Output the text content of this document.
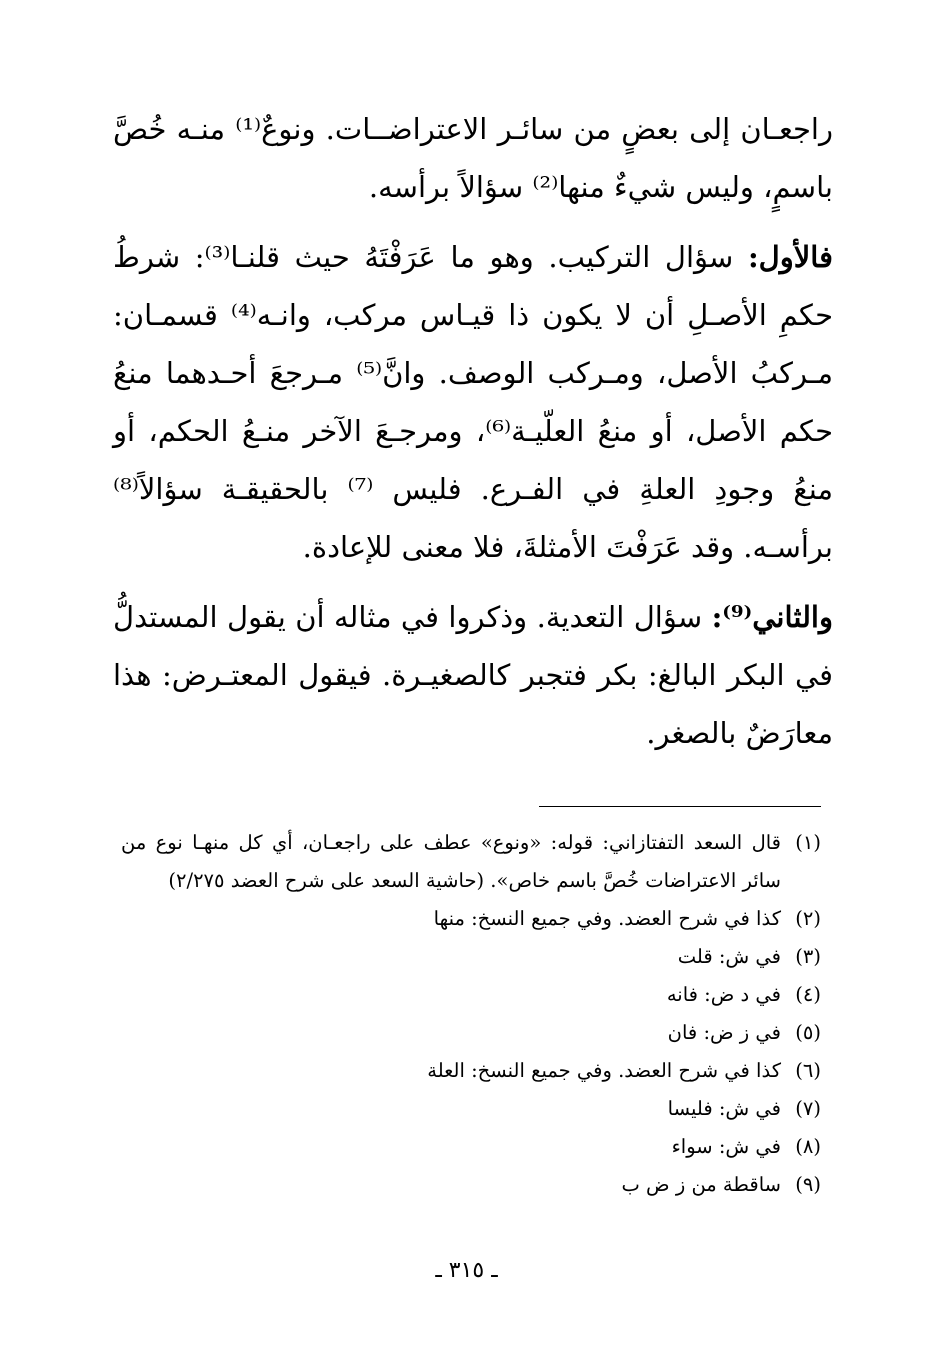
راجعـان إلى بعضٍ من سائـر الاعتراضــات. ونوعٌ⁽¹⁾ منـه خُصَّ باسمٍ، وليس شيءٌ منها⁽²⁾ سؤالاً برأسه.

فالأول: سؤال التركيب. وهو ما عَرَفْتَهُ حيث قلنـا⁽³⁾: شرطُ حكمِ الأصـلِ أن لا يكون ذا قيـاس مركب، وانـه⁽⁴⁾ قسمـان: مـركبُ الأصل، ومـركب الوصف. وانَّ⁽⁵⁾ مـرجعَ أحـدهما منعُ حكم الأصل، أو منعُ العلّيـة⁽⁶⁾، ومرجـعَ الآخر منـعُ الحكم، أو منعُ وجودِ العلةِ في الفـرع. فليس ⁽⁷⁾ بالحقيقـة سؤالاً⁽⁸⁾ برأسـه. وقد عَرَفْتَ الأمثلةَ، فلا معنى للإعادة.

والثاني⁽⁹⁾: سؤال التعدية. وذكروا في مثاله أن يقول المستدلُّ في البكر البالغ: بكر فتجبر كالصغيـرة. فيقول المعتـرض: هذا معارَضٌ بالصغر.

(١)
قال السعد التفتازاني: قوله: «ونوع» عطف على راجعـان، أي كل منهـا نوع من سائر الاعتراضات خُصَّ باسم خاص». (حاشية السعد على شرح العضد ٢/٢٧٥)
(٢)
كذا في شرح العضد. وفي جميع النسخ: منها
(٣)
في ش: قلت
(٤)
في د ض: فانه
(٥)
في ز ض: فان
(٦)
كذا في شرح العضد. وفي جميع النسخ: العلة
(٧)
في ش: فليسا
(٨)
في ش: سواء
(٩)
ساقطة من ز ض ب
ـ ٣١٥ ـ
